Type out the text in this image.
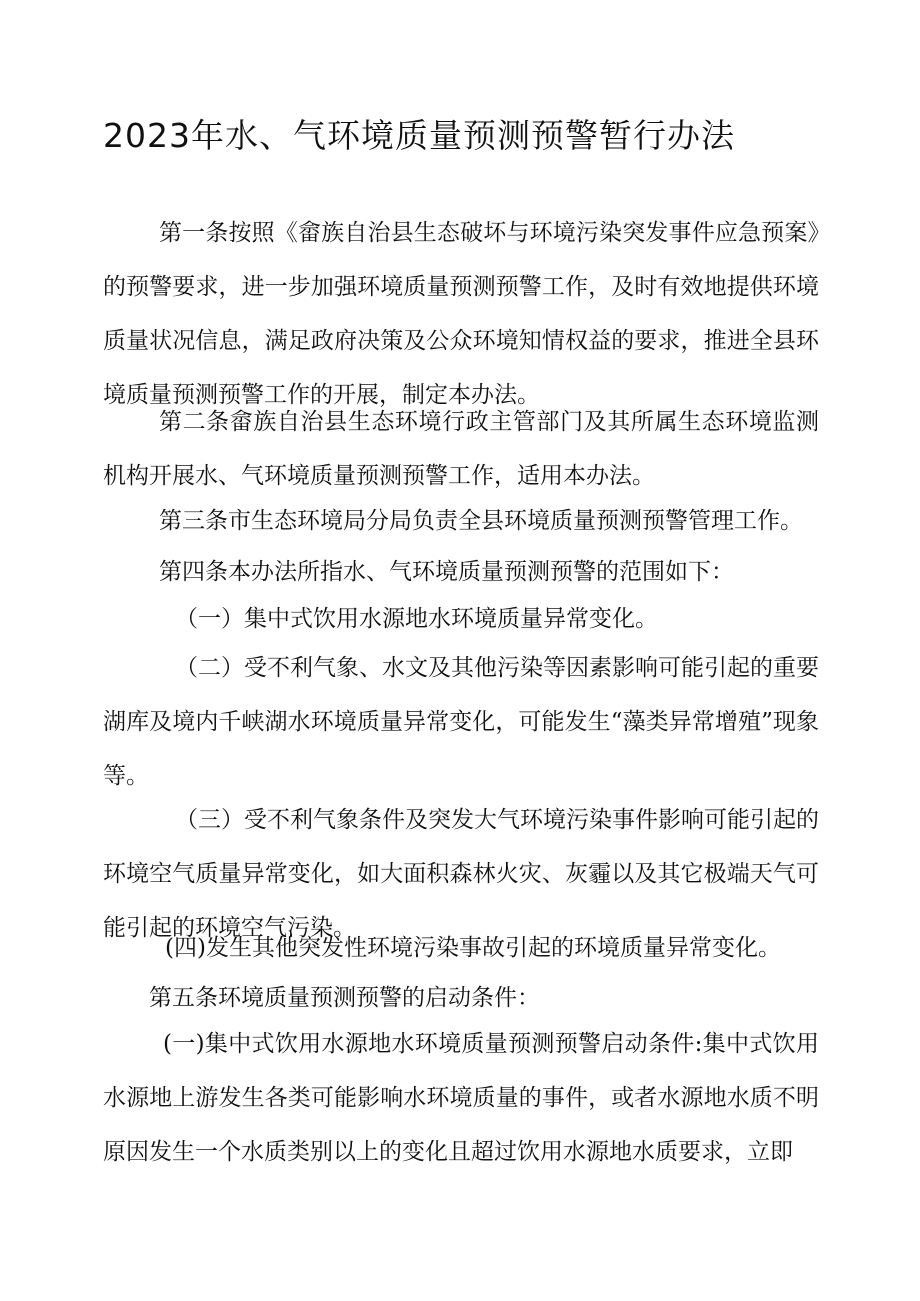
2023年水、气环境质量预测预警暂行办法

第一条按照《畲族自治县生态破坏与环境污染突发事件应急预案》的预警要求，进一步加强环境质量预测预警工作，及时有效地提供环境质量状况信息，满足政府决策及公众环境知情权益的要求，推进全县环境质量预测预警工作的开展，制定本办法。

第二条畲族自治县生态环境行政主管部门及其所属生态环境监测机构开展水、气环境质量预测预警工作，适用本办法。

第三条市生态环境局分局负责全县环境质量预测预警管理工作。

第四条本办法所指水、气环境质量预测预警的范围如下：

（一）集中式饮用水源地水环境质量异常变化。

（二）受不利气象、水文及其他污染等因素影响可能引起的重要湖库及境内千峡湖水环境质量异常变化，可能发生“藻类异常增殖”现象等。

（三）受不利气象条件及突发大气环境污染事件影响可能引起的环境空气质量异常变化，如大面积森林火灾、灰霾以及其它极端天气可能引起的环境空气污染。

(四)发生其他突发性环境污染事故引起的环境质量异常变化。

第五条环境质量预测预警的启动条件：

(一)集中式饮用水源地水环境质量预测预警启动条件:集中式饮用水源地上游发生各类可能影响水环境质量的事件，或者水源地水质不明原因发生一个水质类别以上的变化且超过饮用水源地水质要求，立即
